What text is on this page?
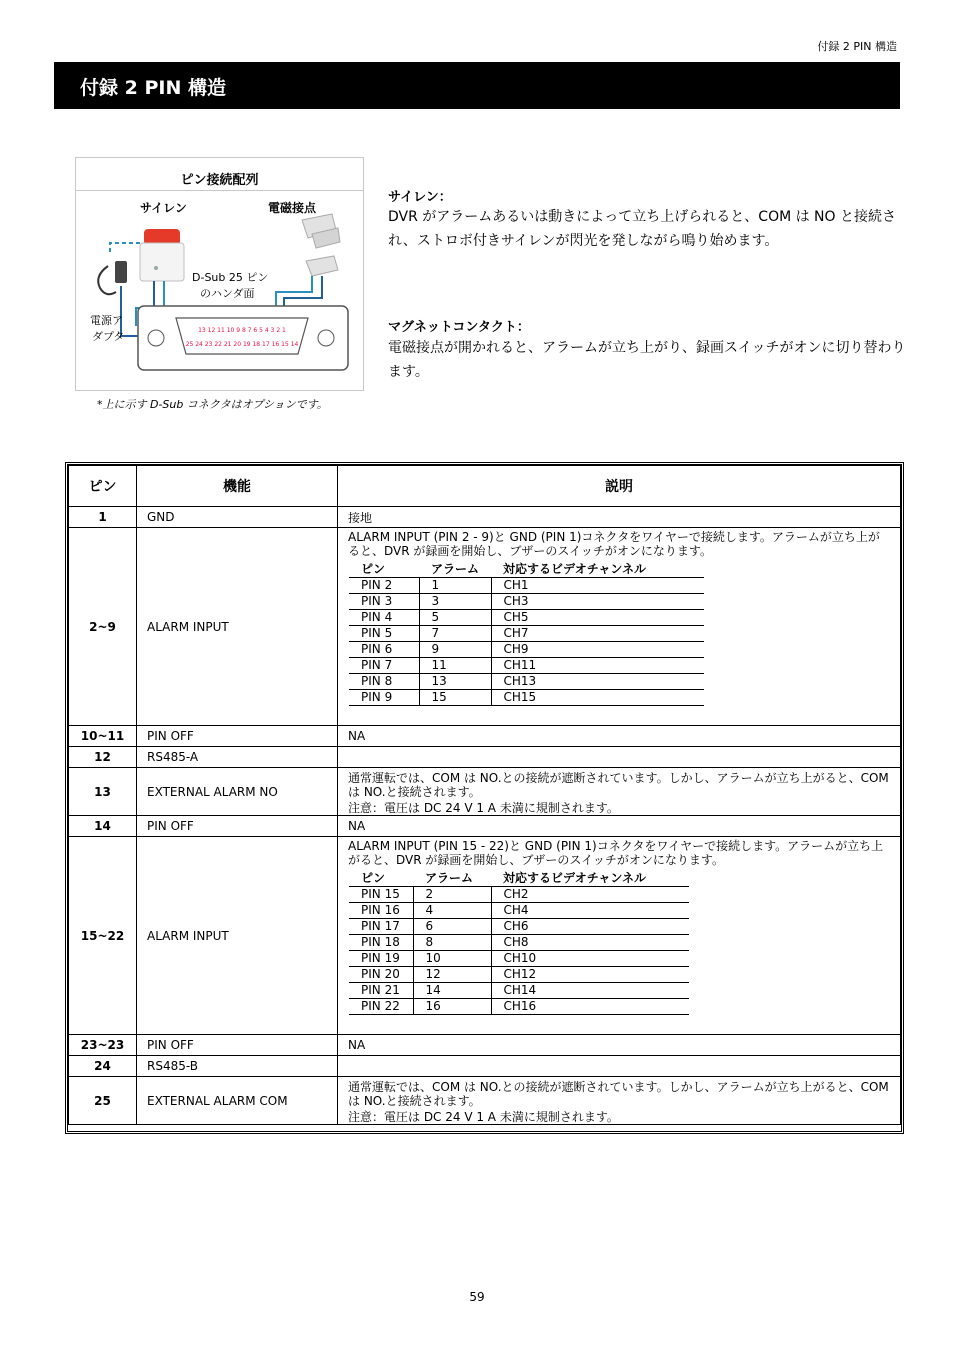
付録 2 PIN 構造
付録 2 PIN 構造
ピン接続配列
13 12 11 10 9 8 7 6 5 4 3 2 1
25 24 23 22 21 20 19 18 17 16 15 14
サイレン	電磁接点
D-Sub 25 ピン
のハンダ面
電源ア
ダプタ
*上に示す D-Sub コネクタはオプションです。
サイレン：
DVR がアラームあるいは動きによって立ち上げられると、COM は NO と接続され、ストロボ付きサイレンが閃光を発しながら鳴り始めます。
マグネットコンタクト：
電磁接点が開かれると、アラームが立ち上がり、録画スイッチがオンに切り替わります。
ピン	機能	説明
1	GND	接地
2~9	ALARM INPUT	
ALARM INPUT (PIN 2 - 9)と GND (PIN 1)コネクタをワイヤーで接続します。アラームが立ち上がると、DVR が録画を開始し、ブザーのスイッチがオンになります。
ピン	アラーム	対応するビデオチャンネル
PIN 2	1	CH1
PIN 3	3	CH3
PIN 4	5	CH5
PIN 5	7	CH7
PIN 6	9	CH9
PIN 7	11	CH11
PIN 8	13	CH13
PIN 9	15	CH15

10~11	PIN OFF	NA
12	RS485-A	
13	EXTERNAL ALARM NO	
通常運転では、COM は NO.との接続が遮断されています。しかし、アラームが立ち上がると、COM は NO.と接続されます。
注意：電圧は DC 24 V 1 A 未満に規制されます。

14	PIN OFF	NA
15~22	ALARM INPUT	
ALARM INPUT (PIN 15 - 22)と GND (PIN 1)コネクタをワイヤーで接続します。アラームが立ち上がると、DVR が録画を開始し、ブザーのスイッチがオンになります。
ピン	アラーム	対応するビデオチャンネル
PIN 15	2	CH2
PIN 16	4	CH4
PIN 17	6	CH6
PIN 18	8	CH8
PIN 19	10	CH10
PIN 20	12	CH12
PIN 21	14	CH14
PIN 22	16	CH16

23~23	PIN OFF	NA
24	RS485-B	
25	EXTERNAL ALARM COM	
通常運転では、COM は NO.との接続が遮断されています。しかし、アラームが立ち上がると、COM は NO.と接続されます。
注意：電圧は DC 24 V 1 A 未満に規制されます。
59
